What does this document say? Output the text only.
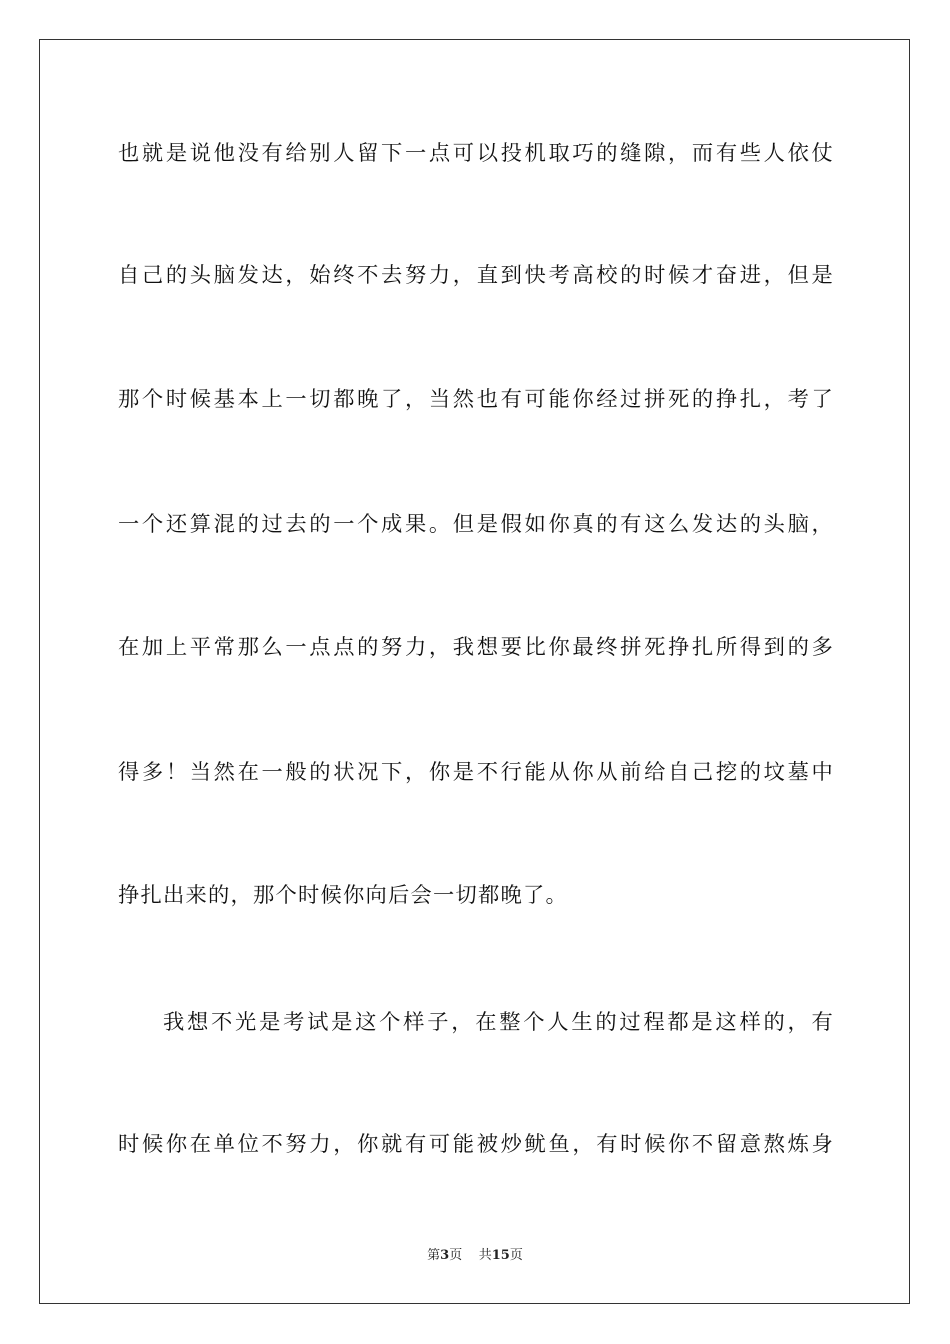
也就是说他没有给别人留下一点可以投机取巧的缝隙，而有些人依仗
自己的头脑发达，始终不去努力，直到快考高校的时候才奋进，但是
那个时候基本上一切都晚了，当然也有可能你经过拼死的挣扎，考了
一个还算混的过去的一个成果。但是假如你真的有这么发达的头脑，
在加上平常那么一点点的努力，我想要比你最终拼死挣扎所得到的多
得多！当然在一般的状况下，你是不行能从你从前给自己挖的坟墓中
挣扎出来的，那个时候你向后会一切都晚了。
我想不光是考试是这个样子，在整个人生的过程都是这样的，有
时候你在单位不努力，你就有可能被炒鱿鱼，有时候你不留意熬炼身
第3页 共15页
